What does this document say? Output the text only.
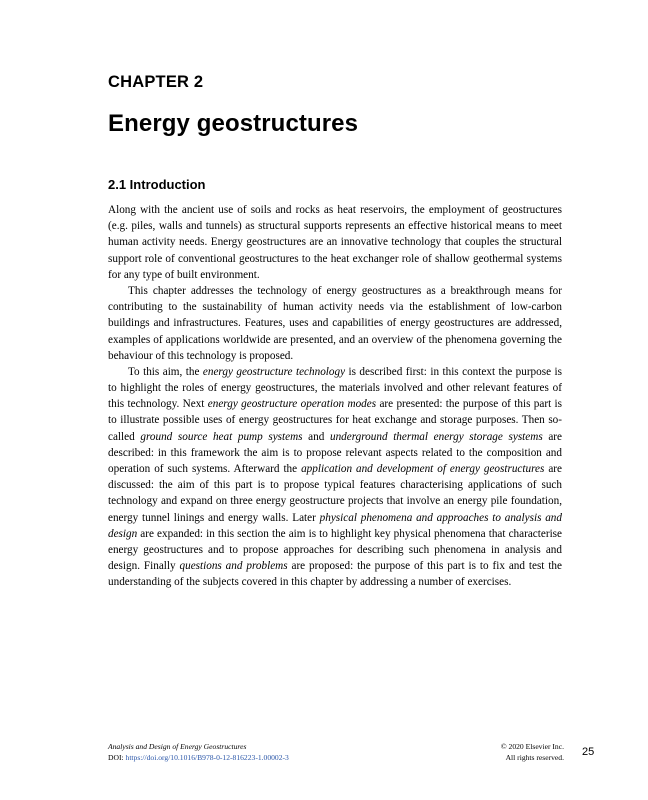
CHAPTER 2
Energy geostructures
2.1 Introduction

Along with the ancient use of soils and rocks as heat reservoirs, the employment of geostructures (e.g. piles, walls and tunnels) as structural supports represents an effective historical means to meet human activity needs. Energy geostructures are an innovative technology that couples the structural support role of conventional geostructures to the heat exchanger role of shallow geothermal systems for any type of built environment.

This chapter addresses the technology of energy geostructures as a breakthrough means for contributing to the sustainability of human activity needs via the establishment of low-carbon buildings and infrastructures. Features, uses and capabilities of energy geostructures are addressed, examples of applications worldwide are presented, and an overview of the phenomena governing the behaviour of this technology is proposed.

To this aim, the energy geostructure technology is described first: in this context the purpose is to highlight the roles of energy geostructures, the materials involved and other relevant features of this technology. Next energy geostructure operation modes are presented: the purpose of this part is to illustrate possible uses of energy geostructures for heat exchange and storage purposes. Then so-called ground source heat pump systems and underground thermal energy storage systems are described: in this framework the aim is to propose relevant aspects related to the composition and operation of such systems. Afterward the application and development of energy geostructures are discussed: the aim of this part is to propose typical features characterising applications of such technology and expand on three energy geostructure projects that involve an energy pile foundation, energy tunnel linings and energy walls. Later physical phenomena and approaches to analysis and design are expanded: in this section the aim is to highlight key physical phenomena that characterise energy geostructures and to propose approaches for describing such phenomena in analysis and design. Finally questions and problems are proposed: the purpose of this part is to fix and test the understanding of the subjects covered in this chapter by addressing a number of exercises.

Analysis and Design of Energy Geostructures
DOI: https://doi.org/10.1016/B978-0-12-816223-1.00002-3
© 2020 Elsevier Inc.
All rights reserved. 25
